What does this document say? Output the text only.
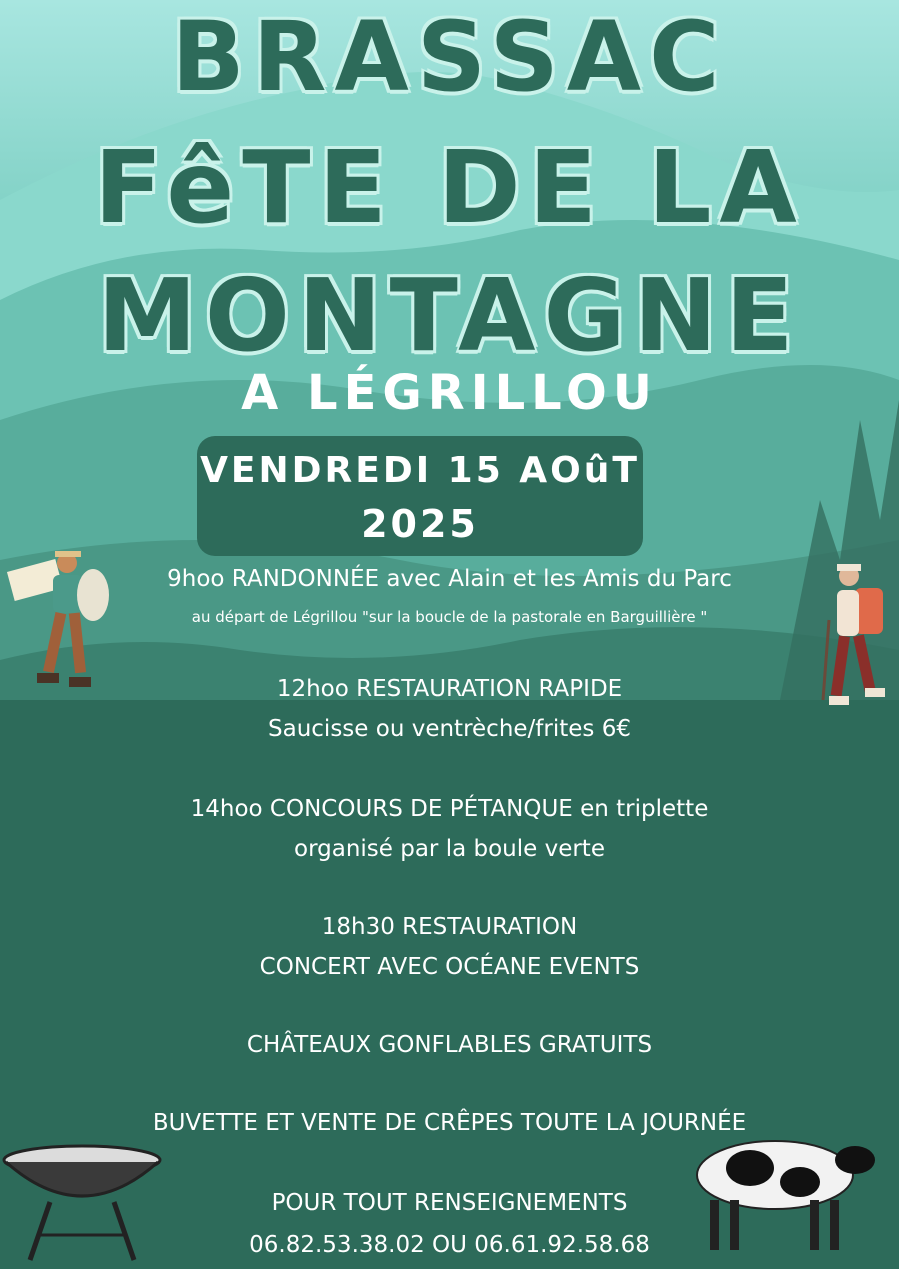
BRASSAC
FêTE DE LA
MONTAGNE
A LÉGRILLOU
VENDREDI 15 AOûT
2025
9hoo RANDONNÉE avec Alain et les Amis du Parc
au départ de Légrillou "sur la boucle de la pastorale en Barguillière "
12hoo RESTAURATION RAPIDE
Saucisse ou ventrèche/frites 6€
14hoo CONCOURS DE PÉTANQUE en triplette
organisé par la boule verte
18h30 RESTAURATION
CONCERT AVEC OCÉANE EVENTS
CHÂTEAUX GONFLABLES GRATUITS
BUVETTE ET VENTE DE CRÊPES TOUTE LA JOURNÉE
POUR TOUT RENSEIGNEMENTS
06.82.53.38.02 OU 06.61.92.58.68
